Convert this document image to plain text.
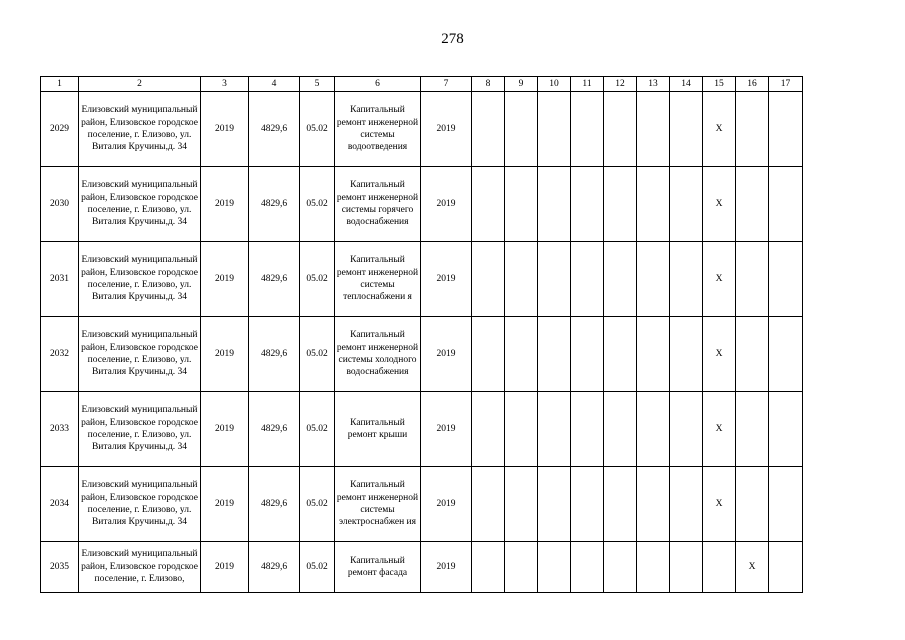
278
1	2	3	4	5	6	7	8	9	10	11	12	13	14	15	16	17
2029	Елизовский муниципальный район, Елизовское городское поселение, г. Елизово, ул. Виталия Кручины,д. 34	2019	4829,6	05.02	Капитальный ремонт инженерной системы водоотведения	2019								X		
2030	Елизовский муниципальный район, Елизовское городское поселение, г. Елизово, ул. Виталия Кручины,д. 34	2019	4829,6	05.02	Капитальный ремонт инженерной системы горячего водоснабжения	2019								X		
2031	Елизовский муниципальный район, Елизовское городское поселение, г. Елизово, ул. Виталия Кручины,д. 34	2019	4829,6	05.02	Капитальный ремонт инженерной системы теплоснабжени я	2019								X		
2032	Елизовский муниципальный район, Елизовское городское поселение, г. Елизово, ул. Виталия Кручины,д. 34	2019	4829,6	05.02	Капитальный ремонт инженерной системы холодного водоснабжения	2019								X		
2033	Елизовский муниципальный район, Елизовское городское поселение, г. Елизово, ул. Виталия Кручины,д. 34	2019	4829,6	05.02	Капитальный ремонт крыши	2019								X		
2034	Елизовский муниципальный район, Елизовское городское поселение, г. Елизово, ул. Виталия Кручины,д. 34	2019	4829,6	05.02	Капитальный ремонт инженерной системы электроснабжен ия	2019								X		
2035	Елизовский муниципальный район, Елизовское городское поселение, г. Елизово,	2019	4829,6	05.02	Капитальный ремонт фасада	2019									X	
